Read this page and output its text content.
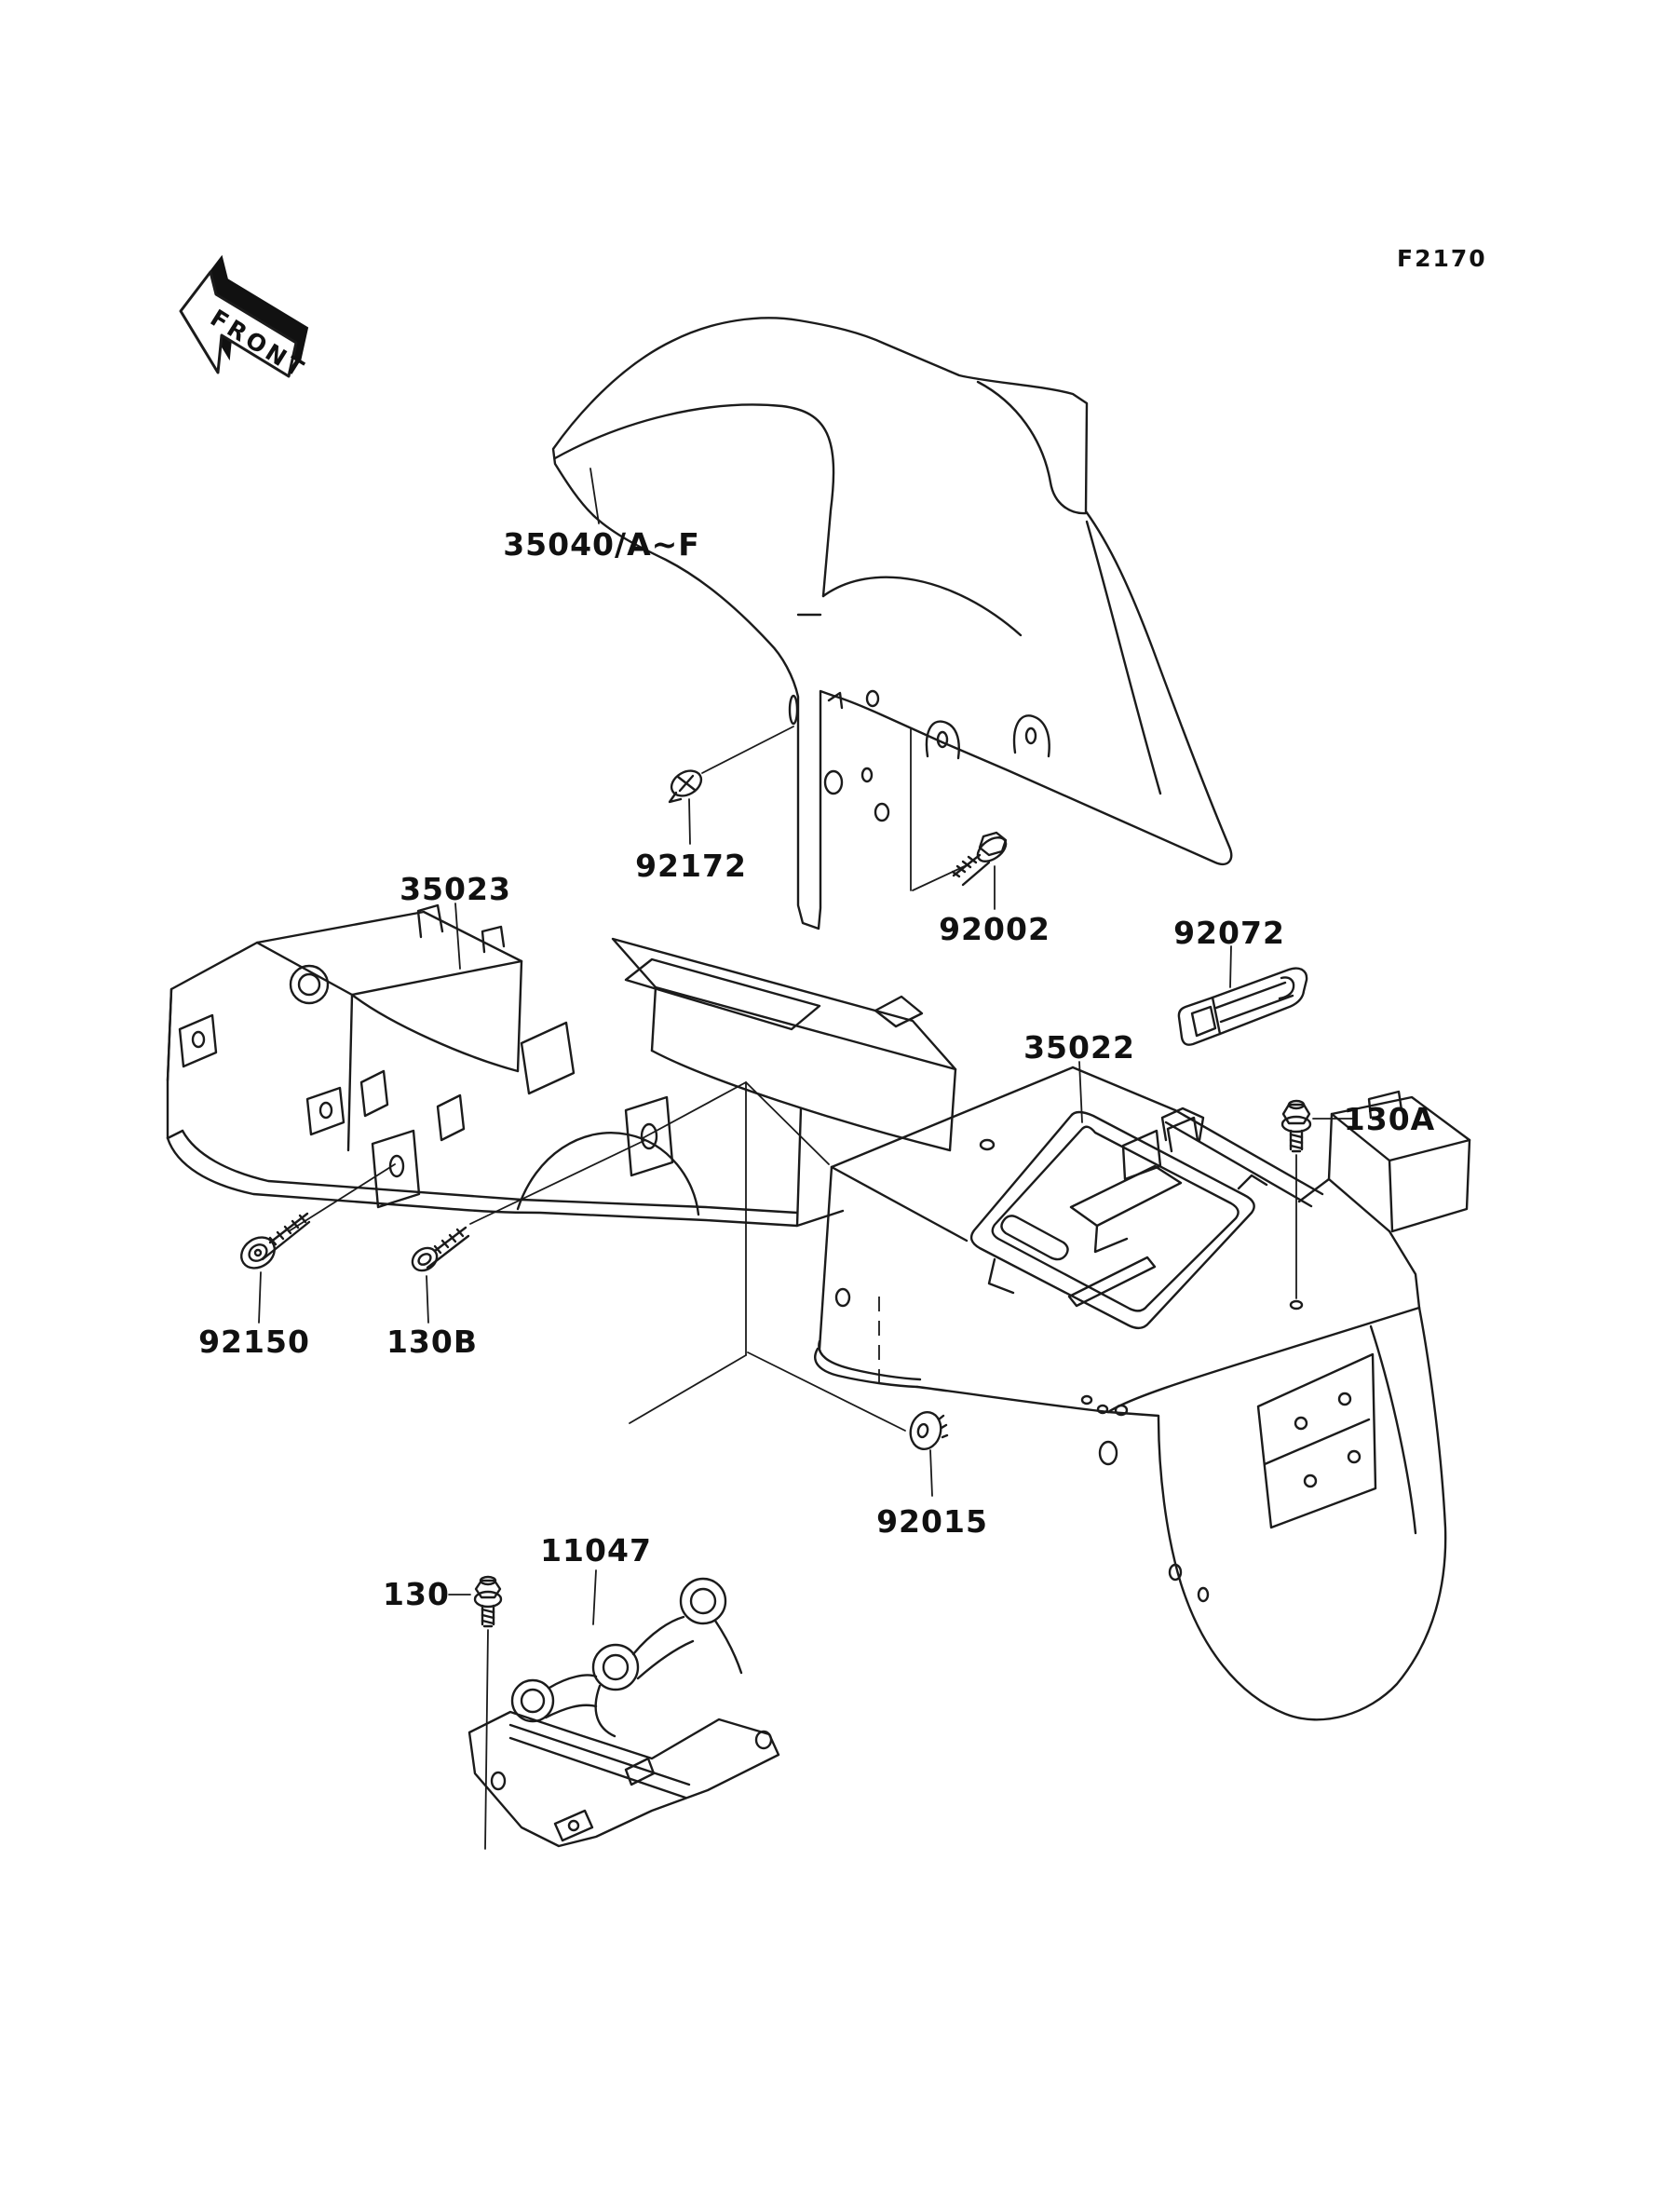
FRONT
F2170
35040/A~F
92172
92002
35023
92072
35022
130A
92150 130B
92015
11047
130
